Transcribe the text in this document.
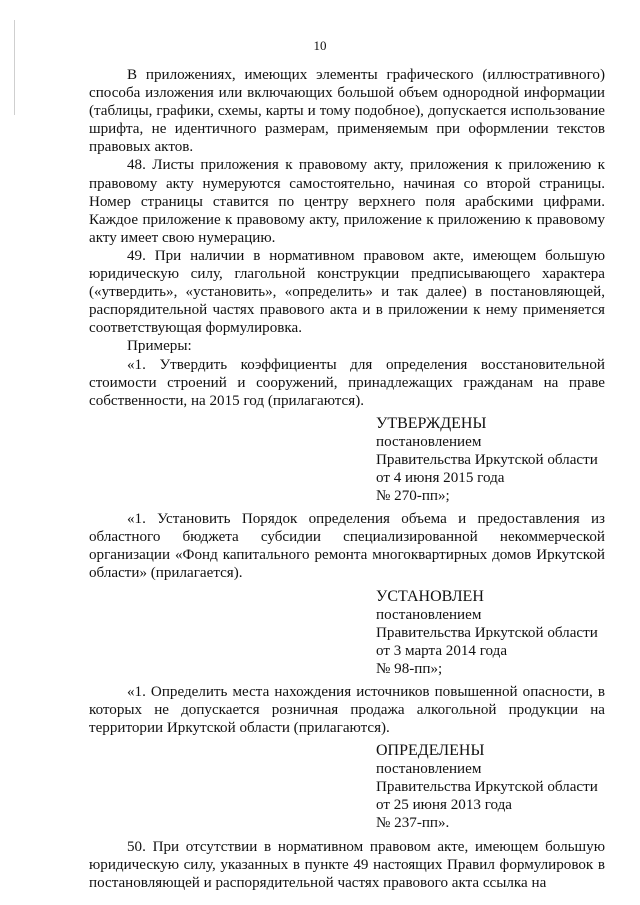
10

В приложениях, имеющих элементы графического (иллюстративного) способа изложения или включающих большой объем однородной информации (таблицы, графики, схемы, карты и тому подобное), допускается использование шрифта, не идентичного размерам, применяемым при оформлении текстов правовых актов.

48. Листы приложения к правовому акту, приложения к приложению к правовому акту нумеруются самостоятельно, начиная со второй страницы. Номер страницы ставится по центру верхнего поля арабскими цифрами. Каждое приложение к правовому акту, приложение к приложению к правовому акту имеет свою нумерацию.

49. При наличии в нормативном правовом акте, имеющем большую юридическую силу, глагольной конструкции предписывающего характера («утвердить», «установить», «определить» и так далее) в постановляющей, распорядительной частях правового акта и в приложении к нему применяется соответствующая формулировка.

Примеры:

«1. Утвердить коэффициенты для определения восстановительной стоимости строений и сооружений, принадлежащих гражданам на праве собственности, на 2015 год (прилагаются).

УТВЕРЖДЕНЫ
постановлением
Правительства Иркутской области
от 4 июня 2015 года
№ 270-пп»;

«1. Установить Порядок определения объема и предоставления из областного бюджета субсидии специализированной некоммерческой организации «Фонд капитального ремонта многоквартирных домов Иркутской области» (прилагается).

УСТАНОВЛЕН
постановлением
Правительства Иркутской области
от 3 марта 2014 года
№ 98-пп»;

«1. Определить места нахождения источников повышенной опасности, в которых не допускается розничная продажа алкогольной продукции на территории Иркутской области (прилагаются).

ОПРЕДЕЛЕНЫ
постановлением
Правительства Иркутской области
от 25 июня 2013 года
№ 237-пп».

50. При отсутствии в нормативном правовом акте, имеющем большую юридическую силу, указанных в пункте 49 настоящих Правил формулировок в постановляющей и распорядительной частях правового акта ссылка на
